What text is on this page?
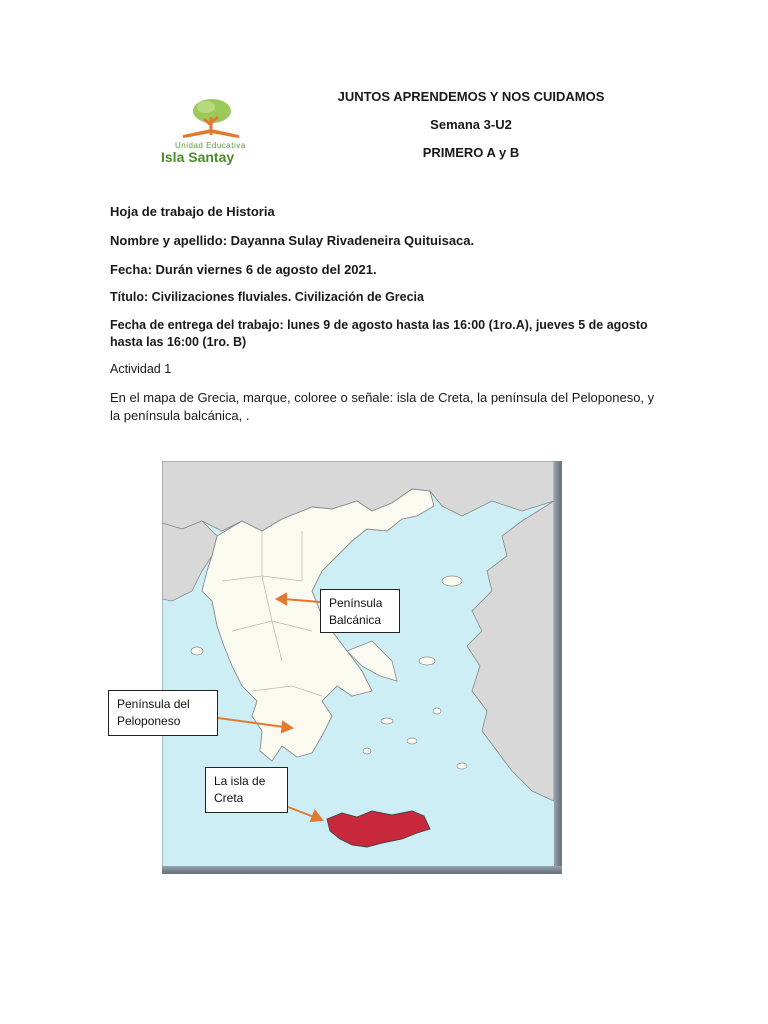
Unidad Educativa
Isla Santay
JUNTOS APRENDEMOS Y NOS CUIDAMOS
Semana 3-U2
PRIMERO A y B
Hoja de trabajo de Historia
Nombre y apellido: Dayanna Sulay Rivadeneira Quituisaca.
Fecha: Durán viernes 6 de agosto del 2021.
Título: Civilizaciones fluviales. Civilización de Grecia
Fecha de entrega del trabajo: lunes 9 de agosto hasta las 16:00 (1ro.A), jueves 5 de agosto
hasta las 16:00 (1ro. B)
Actividad 1
En el mapa de Grecia, marque, coloree o señale: isla de Creta, la península del Peloponeso, y
la península balcánica, .
Península
Balcánica
Península del
Peloponeso
La isla de
Creta
